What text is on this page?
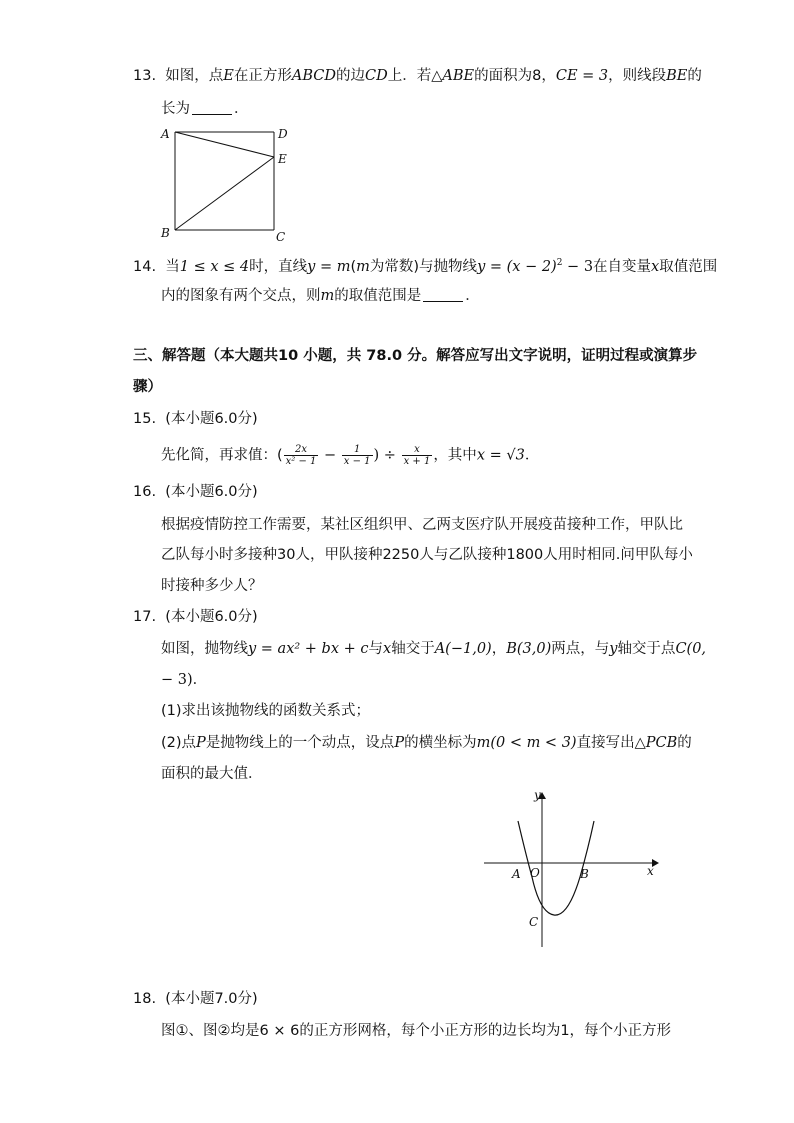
13. 如图，点E在正方形ABCD的边CD上．若△ABE的面积为8，CE = 3，则线段BE的
长为	．
A	D
E
B	C
14. 当1 ≤ x ≤ 4时，直线y = m(m为常数)与抛物线$y = (x - 2)^2 - 3$在自变量x取值范围
内的图象有两个交点，则m的取值范围是	．
三、解答题（本大题共10 小题，共 78.0 分。解答应写出文字说明，证明过程或演算步
骤）
15. (本小题6.0分)
先化简，再求值：( $\frac{2x}{\text{x² − 1}} - \frac{1}{x - 1}$ ) ÷ $\frac{x}{x + 1}$ ，其中x = √3．
16. (本小题6.0分)
根据疫情防控工作需要，某社区组织甲、乙两支医疗队开展疫苗接种工作，甲队比
乙队每小时多接种30人，甲队接种2250人与乙队接种1800人用时相同.问甲队每小
时接种多少人？
17. (本小题6.0分)
如图，抛物线y = ax² + bx + c与x轴交于A(−1,0)，B(3,0)两点，与y轴交于点C(0,
− 3)．
(1)求出该抛物线的函数关系式；
(2)点P是抛物线上的一个动点，设点P的横坐标为m(0 < m < 3)直接写出△PCB的
面积的最大值．
y
x
A O	B
C
18. (本小题7.0分)
图①、图②均是6 × 6的正方形网格，每个小正方形的边长均为1，每个小正方形
